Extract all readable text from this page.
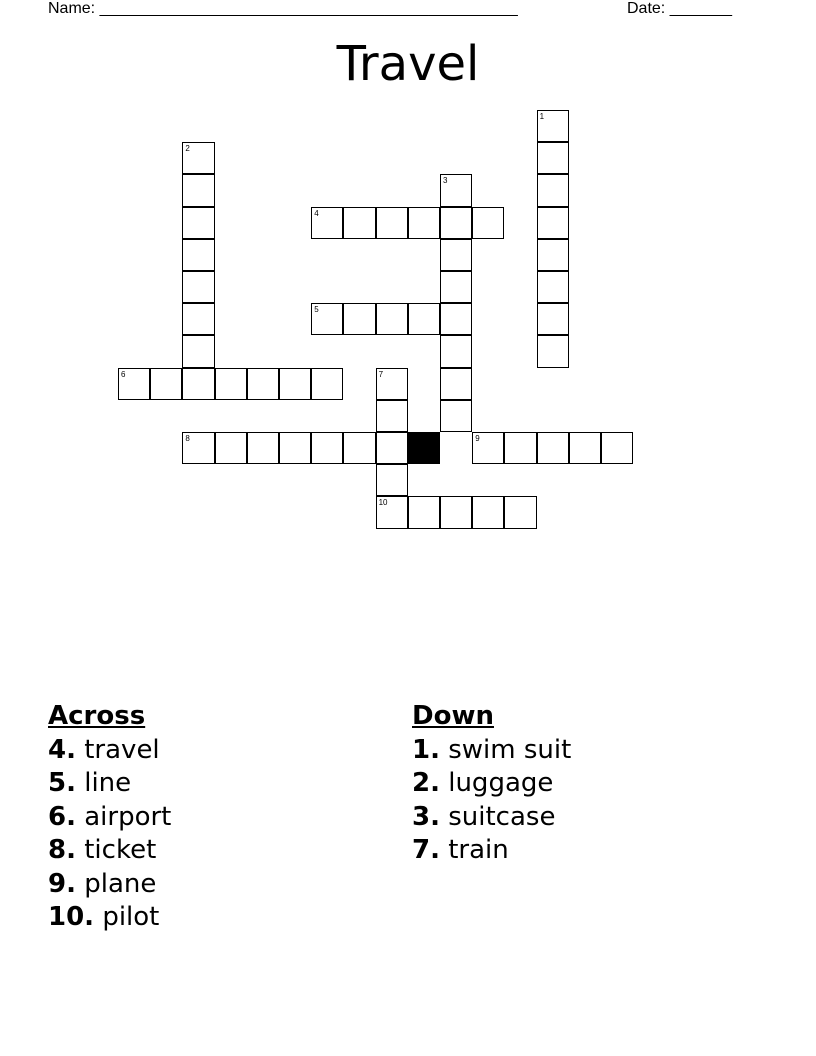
Name: _______________________________________________	Date: _______
Travel
1
2
3
4
5
6	7
10
8	9
Across
4. travel
5. line
6. airport
8. ticket
9. plane
10. pilot
Down
1. swim suit
2. luggage
3. suitcase
7. train
